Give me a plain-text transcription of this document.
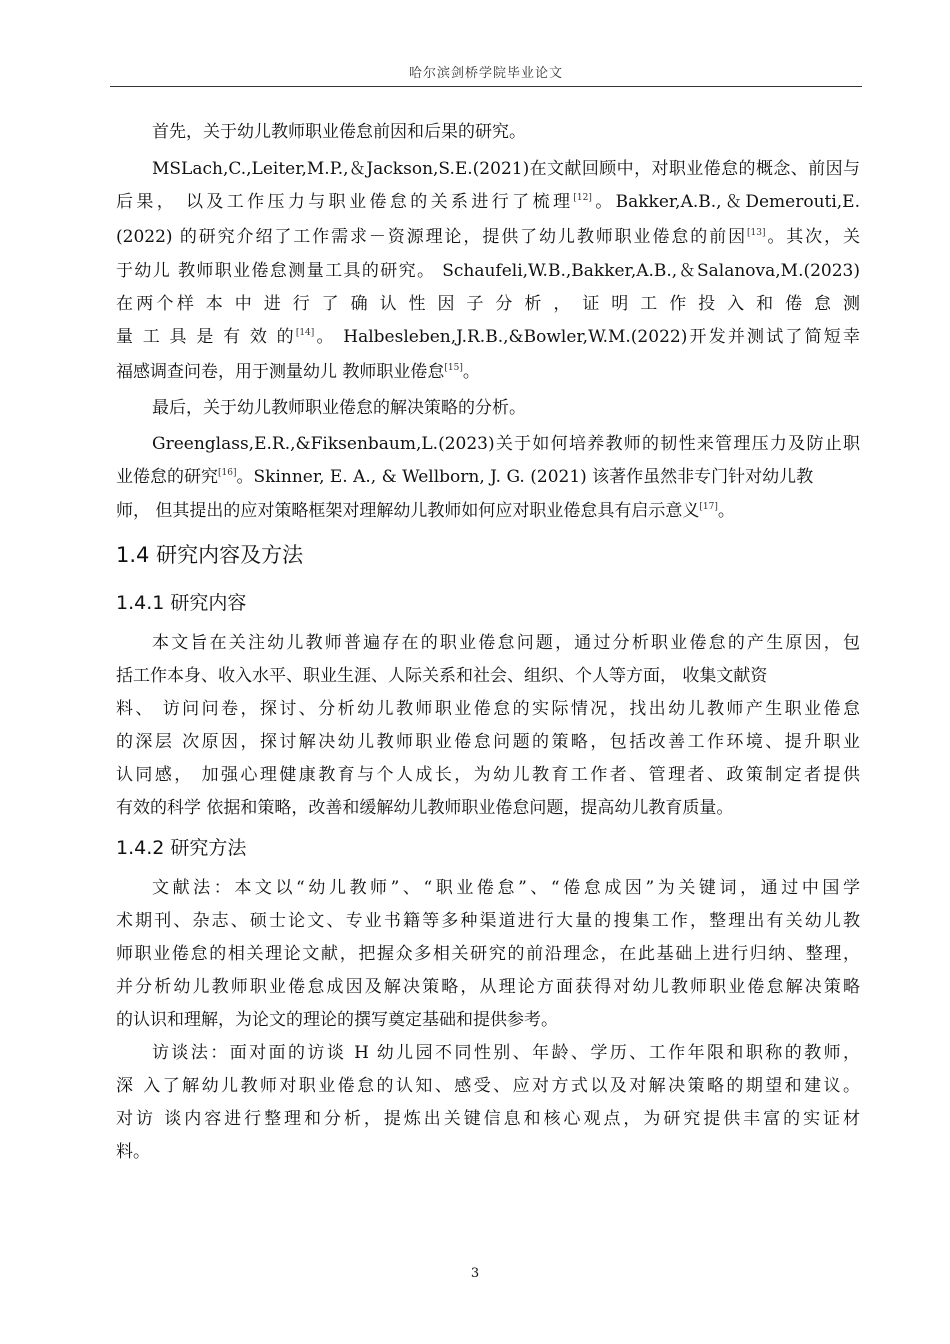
哈尔滨剑桥学院毕业论文
首先，关于幼儿教师职业倦怠前因和后果的研究。
MSLach,C.,Leiter,M.P.,＆Jackson,S.E.(2021)在文献回顾中，对职业倦怠的概念、前因与
后果， 以及工作压力与职业倦怠的关系进行了梳理[12]。Bakker,A.B.,＆Demerouti,E.
(2022) 的研究介绍了工作需求－资源理论，提供了幼儿教师职业倦怠的前因[13]。其次，关
于幼儿 教师职业倦怠测量工具的研究。 Schaufeli,W.B.,Bakker,A.B.,＆Salanova,M.(2023)
在两个样 本 中 进 行 了 确 认 性 因 子 分 析 ， 证 明 工 作 投 入 和 倦 怠 测
量 工 具 是 有 效 的[14]。 Halbesleben,J.R.B.,&Bowler,W.M.(2022)开发并测试了简短幸
福感调查问卷，用于测量幼儿 教师职业倦怠[15]。
最后，关于幼儿教师职业倦怠的解决策略的分析。
Greenglass,E.R.,&Fiksenbaum,L.(2023)关于如何培养教师的韧性来管理压力及防止职
业倦怠的研究[16]。Skinner, E. A., & Wellborn, J. G. (2021) 该著作虽然非专门针对幼儿教
师， 但其提出的应对策略框架对理解幼儿教师如何应对职业倦怠具有启示意义[17]。
1.4 研究内容及方法
1.4.1 研究内容
本文旨在关注幼儿教师普遍存在的职业倦怠问题，通过分析职业倦怠的产生原因，包
括工作本身、收入水平、职业生涯、人际关系和社会、组织、个人等方面， 收集文献资
料、 访问问卷，探讨、分析幼儿教师职业倦怠的实际情况，找出幼儿教师产生职业倦怠
的深层 次原因，探讨解决幼儿教师职业倦怠问题的策略，包括改善工作环境、提升职业
认同感， 加强心理健康教育与个人成长，为幼儿教育工作者、管理者、政策制定者提供
有效的科学 依据和策略，改善和缓解幼儿教师职业倦怠问题，提高幼儿教育质量。
1.4.2 研究方法
文献法：本文以“幼儿教师”、“职业倦怠”、“倦怠成因”为关键词，通过中国学
术期刊、杂志、硕士论文、专业书籍等多种渠道进行大量的搜集工作，整理出有关幼儿教
师职业倦怠的相关理论文献，把握众多相关研究的前沿理念，在此基础上进行归纳、整理，
并分析幼儿教师职业倦怠成因及解决策略，从理论方面获得对幼儿教师职业倦怠解决策略
的认识和理解，为论文的理论的撰写奠定基础和提供参考。
访谈法：面对面的访谈 H 幼儿园不同性别、年龄、学历、工作年限和职称的教师，
深 入了解幼儿教师对职业倦怠的认知、感受、应对方式以及对解决策略的期望和建议。
对访 谈内容进行整理和分析，提炼出关键信息和核心观点，为研究提供丰富的实证材
料。
3
